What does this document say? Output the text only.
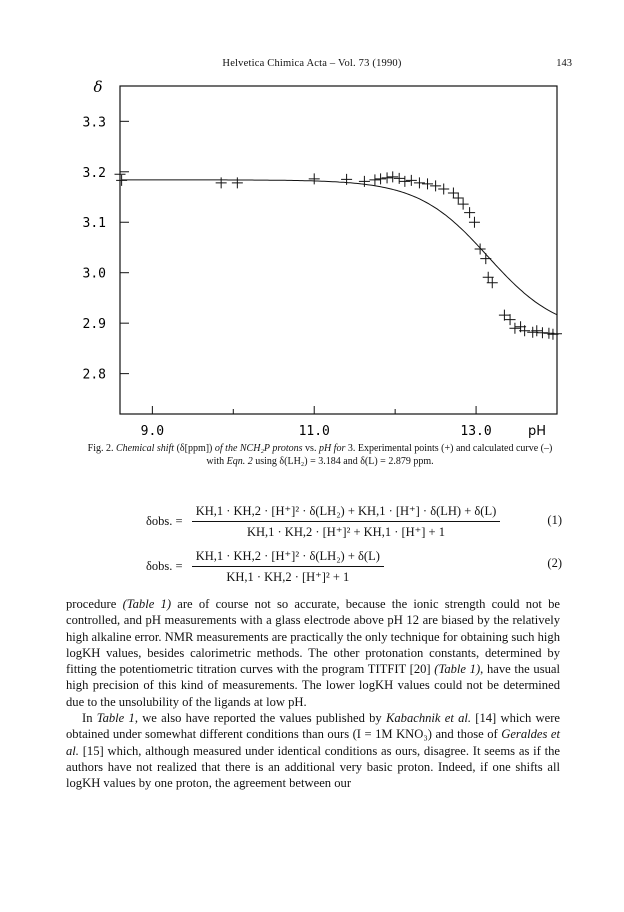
Helvetica Chimica Acta – Vol. 73 (1990)	143
3.3
3.2
3.1
3.0
2.9
2.8
δ
9.0	11.0	13.0	pH
Fig. 2. Chemical shift (δ[ppm]) of the NCH₂P protons vs. pH for 3. Experimental points (+) and calculated curve (–) with Eqn. 2 using δ(LH₂) = 3.184 and δ(L) = 2.879 ppm.
δobs. = $\frac{\text{KH,1 · KH,2 · [H⁺]² · δ(LH₂) + KH,1 · [H⁺] · δ(LH) + δ(L)}}{\text{KH,1 · KH,2 · [H⁺]² + KH,1 · [H⁺] + 1}}$	(1)
δobs. = $\frac{\text{KH,1 · KH,2 · [H⁺]² · δ(LH₂) + δ(L)}}{\text{KH,1 · KH,2 · [H⁺]² + 1}}$	(2)

procedure (Table 1) are of course not so accurate, because the ionic strength could not be controlled, and pH measurements with a glass electrode above pH 12 are biased by the relatively high alkaline error. NMR measurements are practically the only technique for obtaining such high logKH values, besides calorimetric methods. The other protonation constants, determined by fitting the potentiometric titration curves with the program TITFIT [20] (Table 1), have the usual high precision of this kind of measurements. The lower logKH values could not be determined due to the unsolubility of the ligands at low pH.

In Table 1, we also have reported the values published by Kabachnik et al. [14] which were obtained under somewhat different conditions than ours (I = 1M KNO₃) and those of Geraldes et al. [15] which, although measured under identical conditions as ours, disagree. It seems as if the authors have not realized that there is an additional very basic proton. Indeed, if one shifts all logKH values by one proton, the agreement between our
